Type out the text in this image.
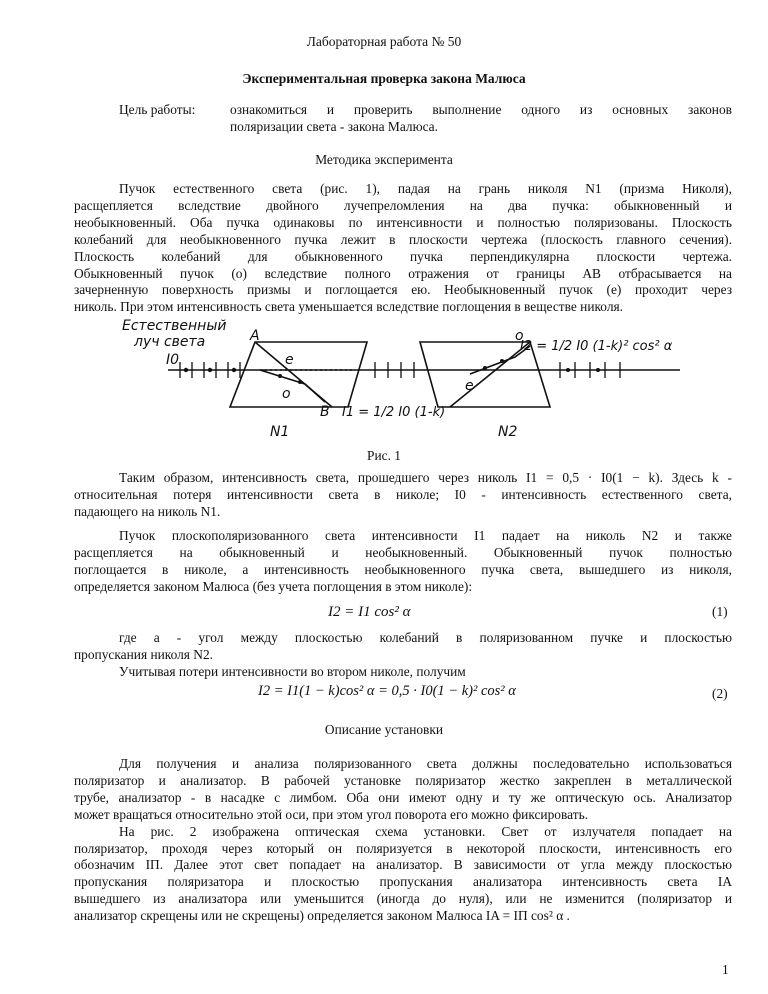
Лабораторная работа № 50
Экспериментальная проверка закона Малюса
Цель работы:	ознакомиться и проверить выполнение одного из основных законов
поляризации света - закона Малюса.
Методика эксперимента
Пучок естественного света (рис. 1), падая на грань николя N1 (призма Николя),
расщепляется вследствие двойного лучепреломления на два пучка: обыкновенный и
необыкновенный. Оба пучка одинаковы по интенсивности и полностью поляризованы. Плоскость
колебаний для необыкновенного пучка лежит в плоскости чертежа (плоскость главного сечения).
Плоскость колебаний для обыкновенного пучка перпендикулярна плоскости чертежа.
Обыкновенный пучок (о) вследствие полного отражения от границы АВ отбрасывается на
зачерненную поверхность призмы и поглощается ею. Необыкновенный пучок (е) проходит через
николь. При этом интенсивность света уменьшается вследствие поглощения в веществе николя.
Естественный
луч света
I0
A
B
e
o
N1
I1 = 1/2 I0 (1-k)
o
e
N2
I2 = 1/2 I0 (1-k)² cos² α
Рис. 1
Таким образом, интенсивность света, прошедшего через николь I1 = 0,5 · I0(1 − k). Здесь k -
относительная потеря интенсивности света в николе; I0 - интенсивность естественного света,
падающего на николь N1.
Пучок плоскополяризованного света интенсивности I1 падает на николь N2 и также
расщепляется на обыкновенный и необыкновенный. Обыкновенный пучок полностью
поглощается в николе, а интенсивность необыкновенного пучка света, вышедшего из николя,
определяется законом Малюса (без учета поглощения в этом николе):
I2 = I1 cos² α	(1)
где a - угол между плоскостью колебаний в поляризованном пучке и плоскостью
пропускания николя N2.
Учитывая потери интенсивности во втором николе, получим
I2 = I1(1 − k)cos² α = 0,5 · I0(1 − k)² cos² α	(2)
Описание установки
Для получения и анализа поляризованного света должны последовательно использоваться
поляризатор и анализатор. В рабочей установке поляризатор жестко закреплен в металлической
трубе, анализатор - в насадке с лимбом. Оба они имеют одну и ту же оптическую ось. Анализатор
может вращаться относительно этой оси, при этом угол поворота его можно фиксировать.
На рис. 2 изображена оптическая схема установки. Свет от излучателя попадает на
поляризатор, проходя через который он поляризуется в некоторой плоскости, интенсивность его
обозначим IП. Далее этот свет попадает на анализатор. В зависимости от угла между плоскостью
пропускания поляризатора и плоскостью пропускания анализатора интенсивность света IA
вышедшего из анализатора или уменьшится (иногда до нуля), или не изменится (поляризатор и
анализатор скрещены или не скрещены) определяется законом Малюса IA = IП cos² α .
1
